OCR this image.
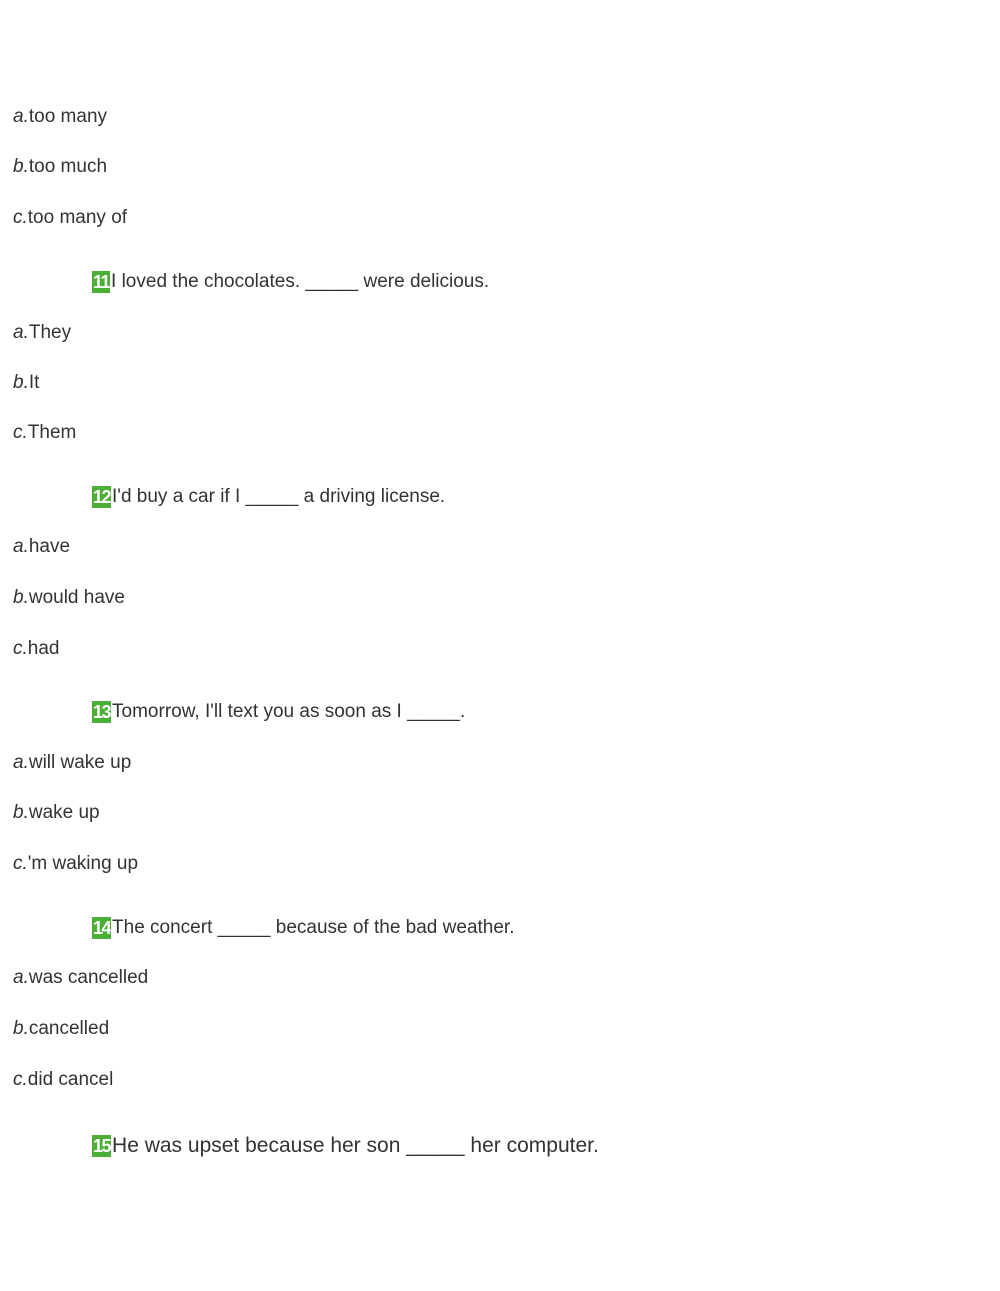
a.too many
b.too much
c.too many of
11 I loved the chocolates. _____ were delicious.
a.They
b.It
c.Them
12 I'd buy a car if I _____ a driving license.
a.have
b.would have
c.had
13 Tomorrow, I'll text you as soon as I _____.
a.will wake up
b.wake up
c.'m waking up
14 The concert _____ because of the bad weather.
a.was cancelled
b.cancelled
c.did cancel
15 He was upset because her son _____ her computer.
